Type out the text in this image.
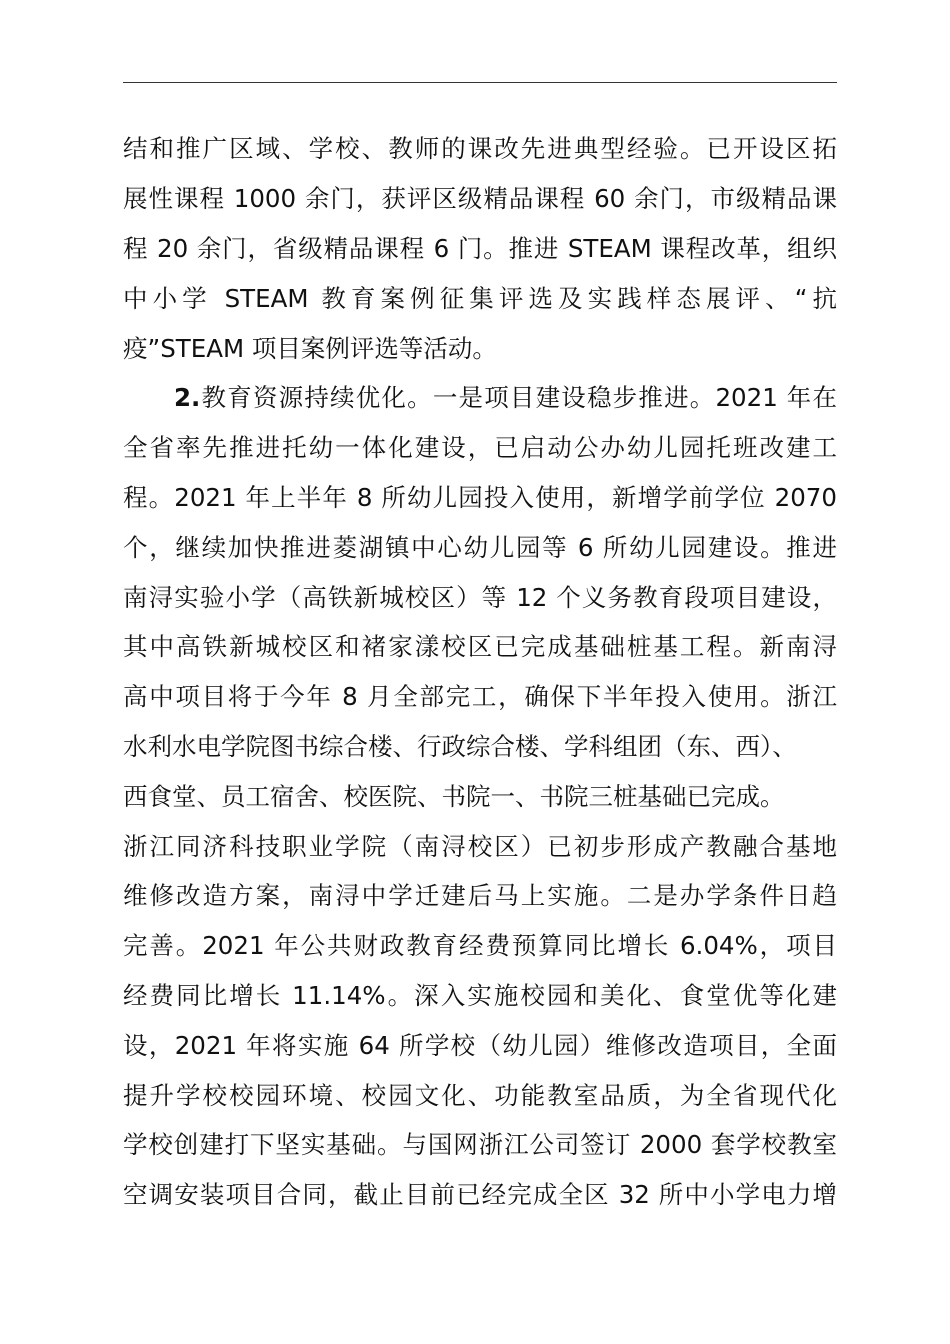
结和推广区域、学校、教师的课改先进典型经验。已开设区拓
展性课程 1000 余门，获评区级精品课程 60 余门，市级精品课
程 20 余门，省级精品课程 6 门。推进 STEAM 课程改革，组织
中小学 STEAM 教育案例征集评选及实践样态展评、“抗
疫”STEAM 项目案例评选等活动。
2.教育资源持续优化。一是项目建设稳步推进。2021 年在
全省率先推进托幼一体化建设，已启动公办幼儿园托班改建工
程。2021 年上半年 8 所幼儿园投入使用，新增学前学位 2070
个，继续加快推进菱湖镇中心幼儿园等 6 所幼儿园建设。推进
南浔实验小学（高铁新城校区）等 12 个义务教育段项目建设，
其中高铁新城校区和褚家漾校区已完成基础桩基工程。新南浔
高中项目将于今年 8 月全部完工，确保下半年投入使用。浙江
水利水电学院图书综合楼、行政综合楼、学科组团（东、西）、
西食堂、员工宿舍、校医院、书院一、书院三桩基础已完成。
浙江同济科技职业学院（南浔校区）已初步形成产教融合基地
维修改造方案，南浔中学迁建后马上实施。二是办学条件日趋
完善。2021 年公共财政教育经费预算同比增长 6.04%，项目
经费同比增长 11.14%。深入实施校园和美化、食堂优等化建
设，2021 年将实施 64 所学校（幼儿园）维修改造项目，全面
提升学校校园环境、校园文化、功能教室品质，为全省现代化
学校创建打下坚实基础。与国网浙江公司签订 2000 套学校教室
空调安装项目合同，截止目前已经完成全区 32 所中小学电力增
